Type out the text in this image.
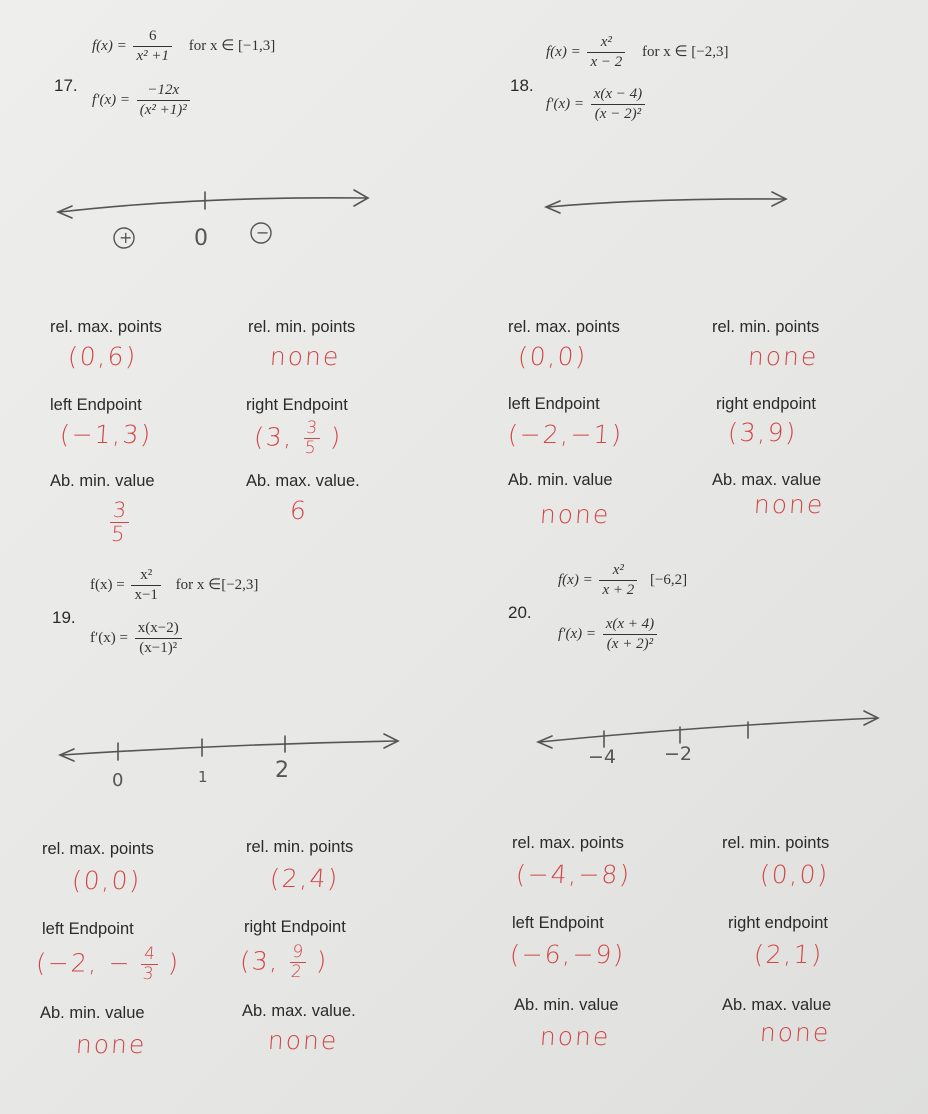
17.
$f(x) = \frac{6}{\text{x² +1}}$ for x ∈ [−1,3]
$f'(x) = \frac{-12x}{\text{(x² +1)²}}$
+	0	−
rel. max. points
(0,6)
rel. min. points
none
left Endpoint
(−1,3)
right Endpoint
(3, $\frac{3}{5}$ )
Ab. min. value
$\frac{3}{5}$
Ab. max. value.
6
18.
$f(x) = \frac{\text{x²}}{x - 2}$ for x ∈ [−2,3]
$f'(x) = \frac{x(x - 4)}{\text{(x − 2)²}}$
rel. max. points
(0,0)
rel. min. points
none
left Endpoint
(−2,−1)
right endpoint
(3,9)
Ab. min. value
none
Ab. max. value
none
19.
$f(x) = \frac{\text{x²}}{x-1}$ for x ∈[−2,3]
$f'(x) = \frac{x(x-2)}{\text{(x−1)²}}$
0	1	2
rel. max. points
(0,0)
rel. min. points
(2,4)
left Endpoint
(−2, − $\frac{4}{3}$ )
right Endpoint
(3, $\frac{9}{2}$ )
Ab. min. value
none
Ab. max. value.
none
20.
$f(x) = \frac{\text{x²}}{x + 2} [-6,2]$
$f'(x) = \frac{x(x + 4)}{\text{(x + 2)²}}$
−4	−2
rel. max. points
(−4,−8)
rel. min. points
(0,0)
left Endpoint
(−6,−9)
right endpoint
(2,1)
Ab. min. value
none
Ab. max. value
none
